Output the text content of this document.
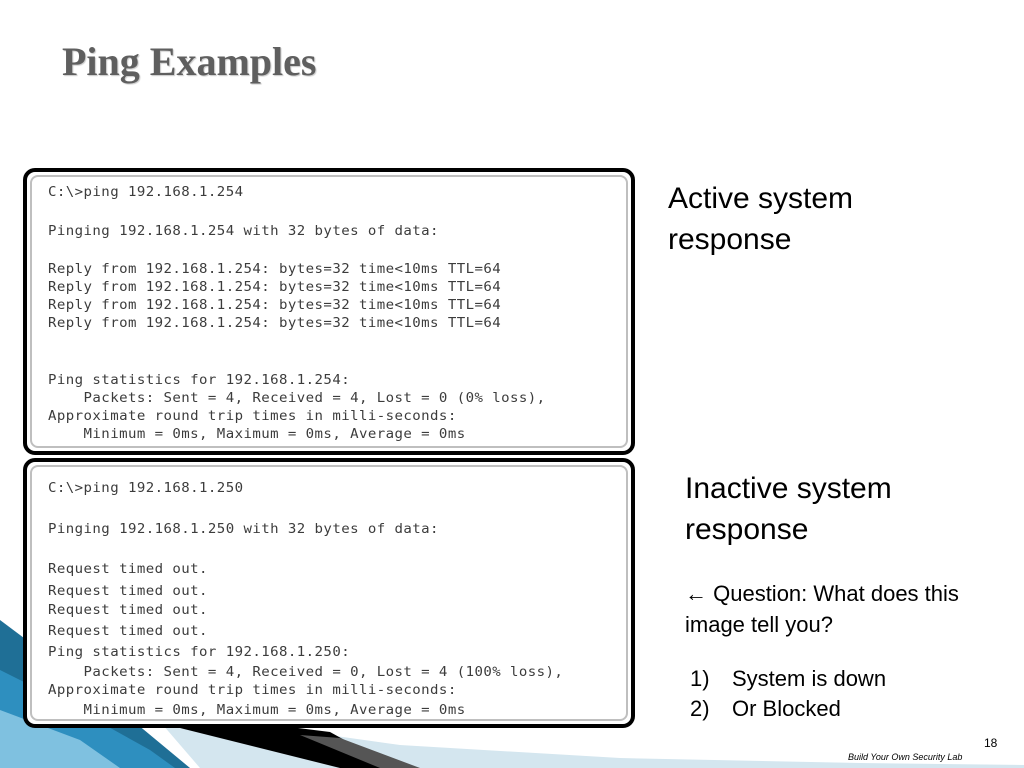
Ping Examples

C:\>ping 192.168.1.254

Pinging 192.168.1.254 with 32 bytes of data:

Reply from 192.168.1.254: bytes=32 time<10ms TTL=64

Reply from 192.168.1.254: bytes=32 time<10ms TTL=64

Reply from 192.168.1.254: bytes=32 time<10ms TTL=64

Reply from 192.168.1.254: bytes=32 time<10ms TTL=64

Ping statistics for 192.168.1.254:

Packets: Sent = 4, Received = 4, Lost = 0 (0% loss),

Approximate round trip times in milli-seconds:

Minimum = 0ms, Maximum = 0ms, Average = 0ms

C:\>ping 192.168.1.250

Pinging 192.168.1.250 with 32 bytes of data:

Request timed out.

Request timed out.

Request timed out.

Request timed out.

Ping statistics for 192.168.1.250:

Packets: Sent = 4, Received = 0, Lost = 4 (100% loss),

Approximate round trip times in milli-seconds:

Minimum = 0ms, Maximum = 0ms, Average = 0ms

Active system response
Inactive system response
← Question: What does this image tell you?
1) System is down
2) Or Blocked
18
Build Your Own Security Lab
